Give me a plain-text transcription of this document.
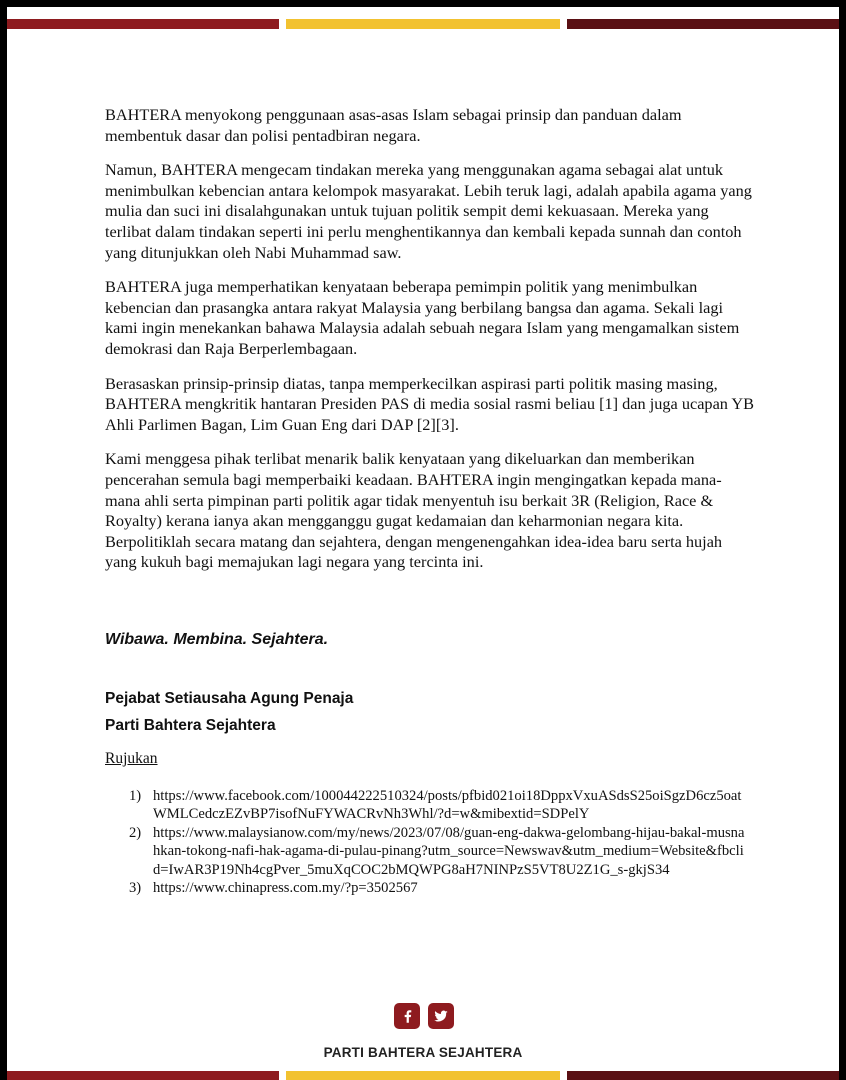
BAHTERA menyokong penggunaan asas-asas Islam sebagai prinsip dan panduan dalam membentuk dasar dan polisi pentadbiran negara.

Namun, BAHTERA mengecam tindakan mereka yang menggunakan agama sebagai alat untuk menimbulkan kebencian antara kelompok masyarakat. Lebih teruk lagi, adalah apabila agama yang mulia dan suci ini disalahgunakan untuk tujuan politik sempit demi kekuasaan. Mereka yang terlibat dalam tindakan seperti ini perlu menghentikannya dan kembali kepada sunnah dan contoh yang ditunjukkan oleh Nabi Muhammad saw.

BAHTERA juga memperhatikan kenyataan beberapa pemimpin politik yang menimbulkan kebencian dan prasangka antara rakyat Malaysia yang berbilang bangsa dan agama. Sekali lagi kami ingin menekankan bahawa Malaysia adalah sebuah negara Islam yang mengamalkan sistem demokrasi dan Raja Berperlembagaan.

Berasaskan prinsip-prinsip diatas, tanpa memperkecilkan aspirasi parti politik masing masing, BAHTERA mengkritik hantaran Presiden PAS di media sosial rasmi beliau [1] dan juga ucapan YB Ahli Parlimen Bagan, Lim Guan Eng dari DAP [2][3].

Kami menggesa pihak terlibat menarik balik kenyataan yang dikeluarkan dan memberikan pencerahan semula bagi memperbaiki keadaan. BAHTERA ingin mengingatkan kepada mana-mana ahli serta pimpinan parti politik agar tidak menyentuh isu berkait 3R (Religion, Race & Royalty) kerana ianya akan mengganggu gugat kedamaian dan keharmonian negara kita. Berpolitiklah secara matang dan sejahtera, dengan mengenengahkan idea-idea baru serta hujah yang kukuh bagi memajukan lagi negara yang tercinta ini.

Wibawa. Membina. Sejahtera.

Pejabat Setiausaha Agung Penaja
Parti Bahtera Sejahtera
Rujukan
1) https://www.facebook.com/100044222510324/posts/pfbid021oi18DppxVxuASdsS25oiSgzD6cz5oatWMLCedczEZvBP7isofNuFYWACRvNh3Whl/?d=w&mibextid=SDPelY
2) https://www.malaysianow.com/my/news/2023/07/08/guan-eng-dakwa-gelombang-hijau-bakal-musnahkan-tokong-nafi-hak-agama-di-pulau-pinang?utm_source=Newswav&utm_medium=Website&fbclid=IwAR3P19Nh4cgPver_5muXqCOC2bMQWPG8aH7NINPzS5VT8U2Z1G_s-gkjS34
3) https://www.chinapress.com.my/?p=3502567
PARTI BAHTERA SEJAHTERA
